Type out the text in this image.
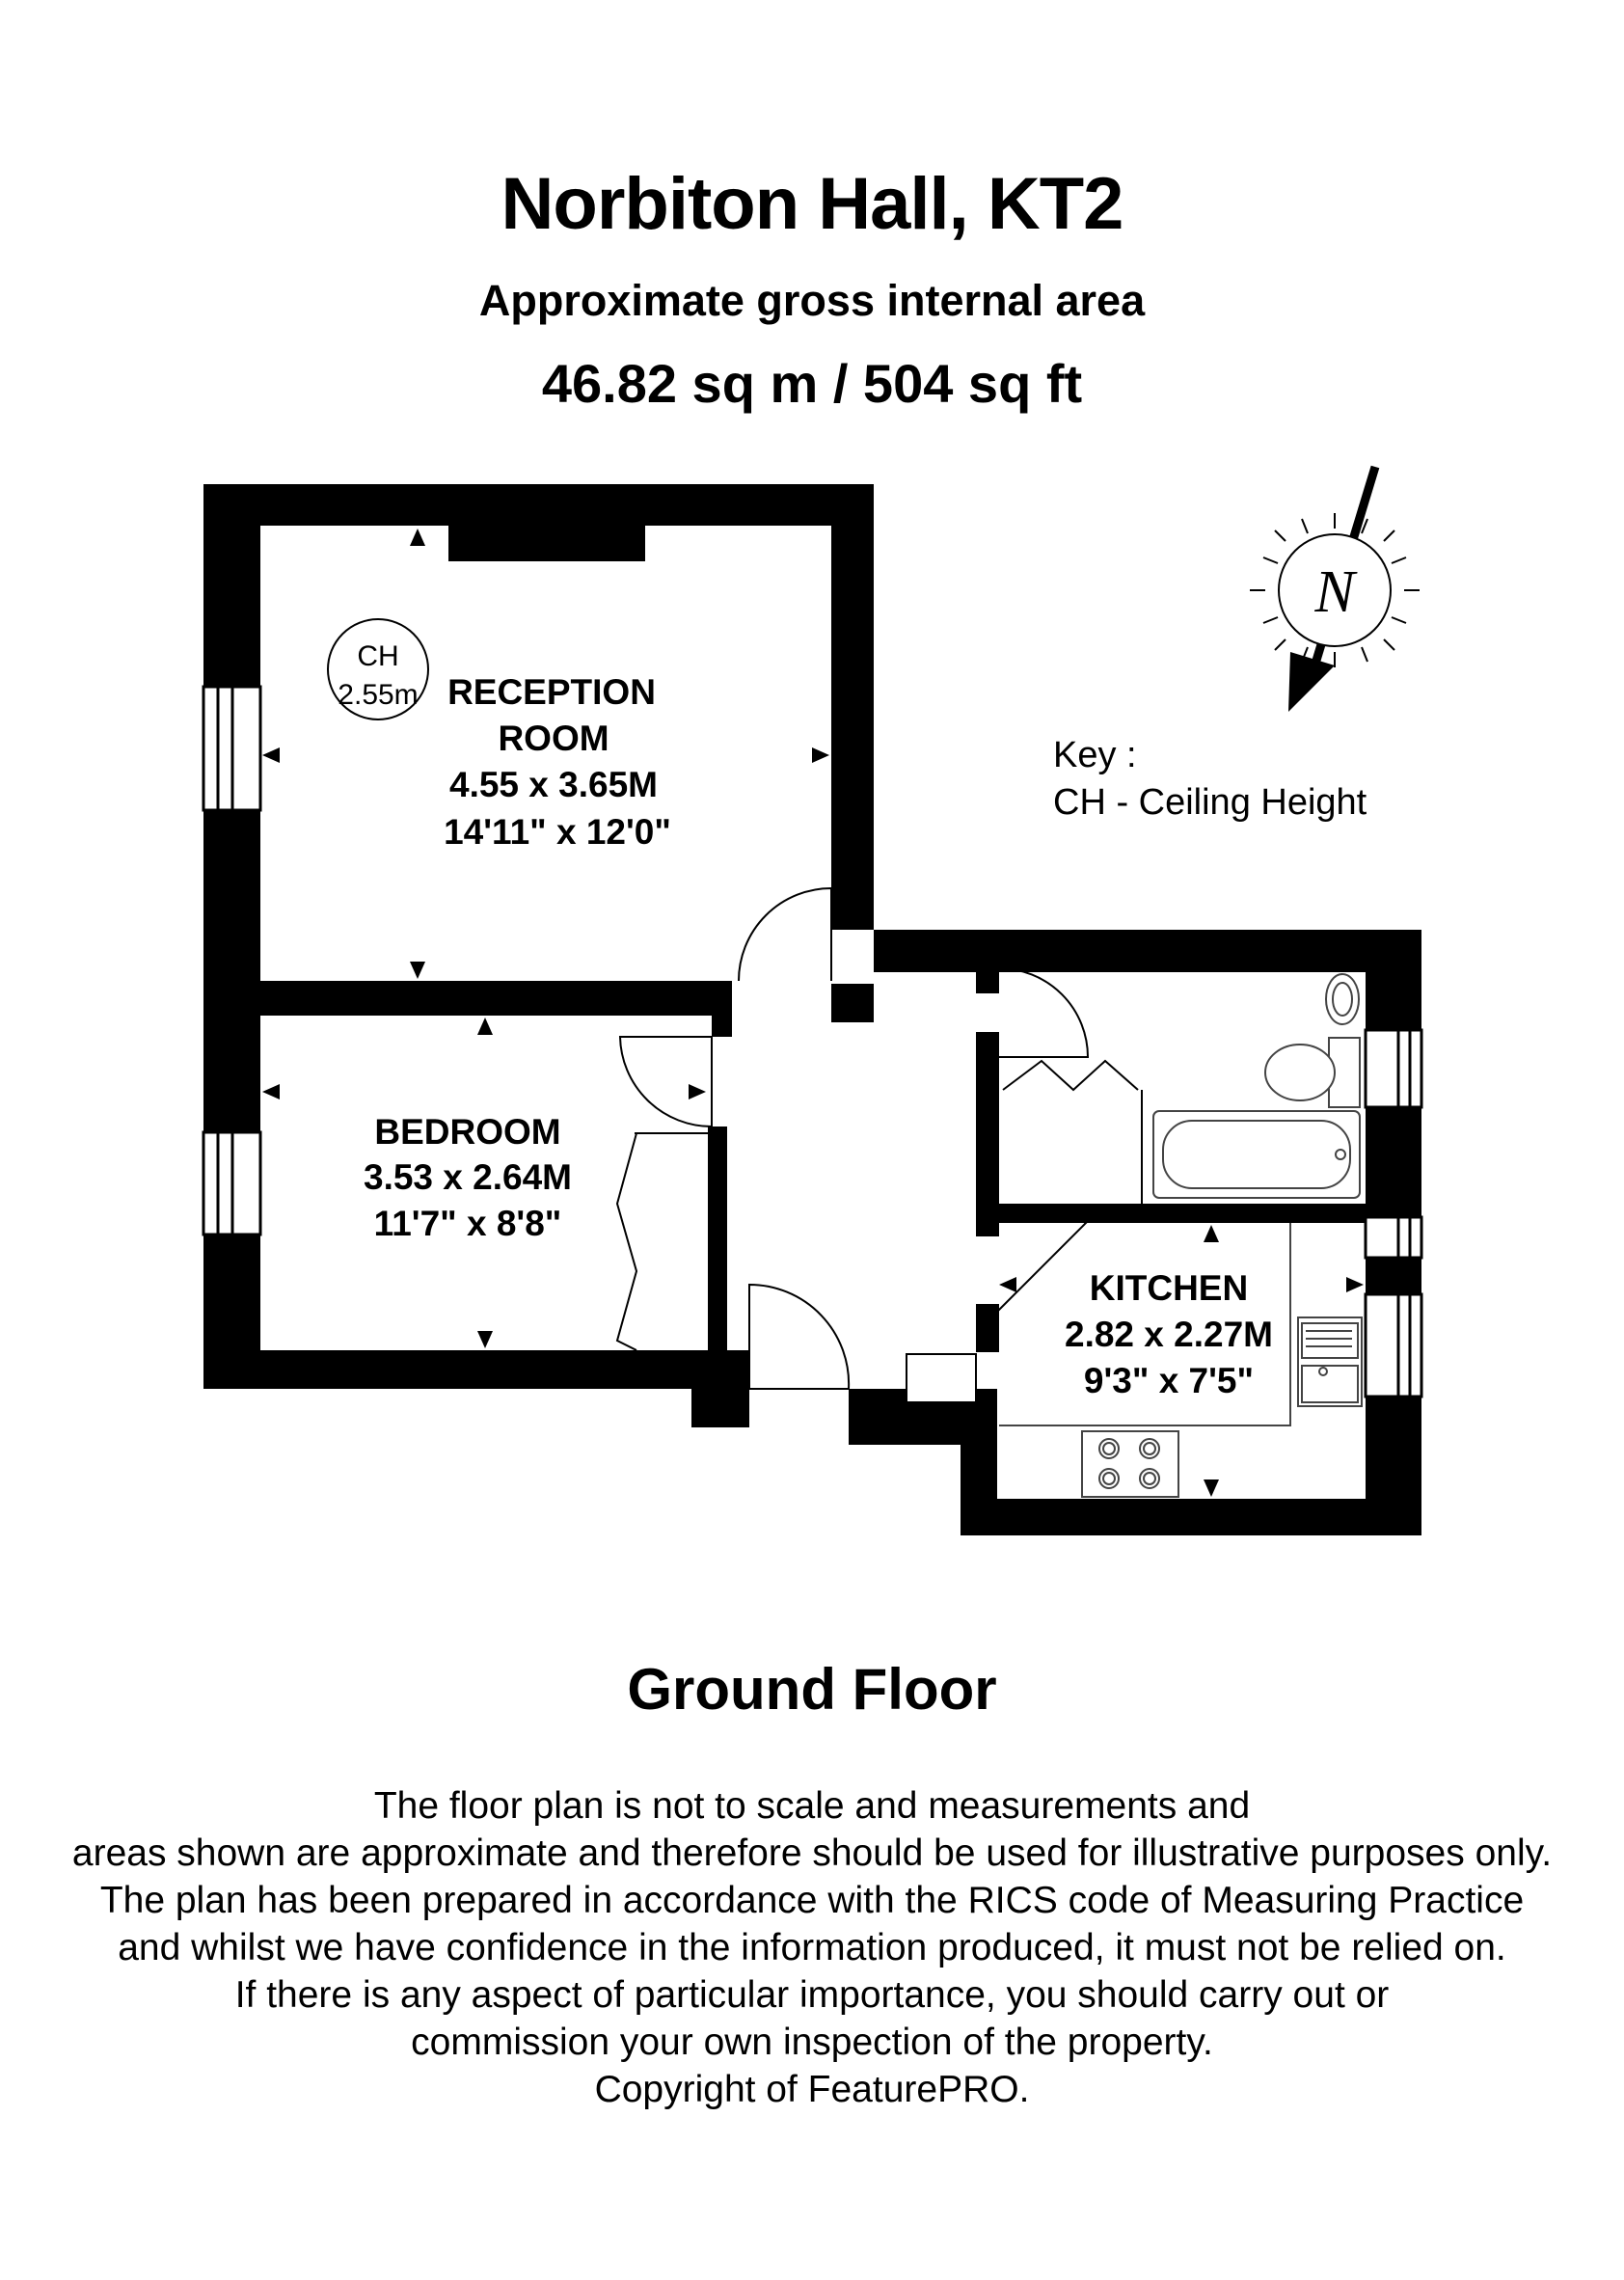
Norbiton Hall, KT2
Approximate gross internal area
46.82 sq m / 504 sq ft
RECEPTION
ROOM
4.55 x 3.65M
14'11" x 12'0"
BEDROOM
3.53 x 2.64M
11'7" x 8'8"
KITCHEN
2.82 x 2.27M
9'3" x 7'5"
CH
2.55m
N
Key :
CH - Ceiling Height
Ground Floor
The floor plan is not to scale and measurements and
areas shown are approximate and therefore should be used for illustrative purposes only.
The plan has been prepared in accordance with the RICS code of Measuring Practice
and whilst we have confidence in the information produced, it must not be relied on.
If there is any aspect of particular importance, you should carry out or
commission your own inspection of the property.
Copyright of FeaturePRO.
